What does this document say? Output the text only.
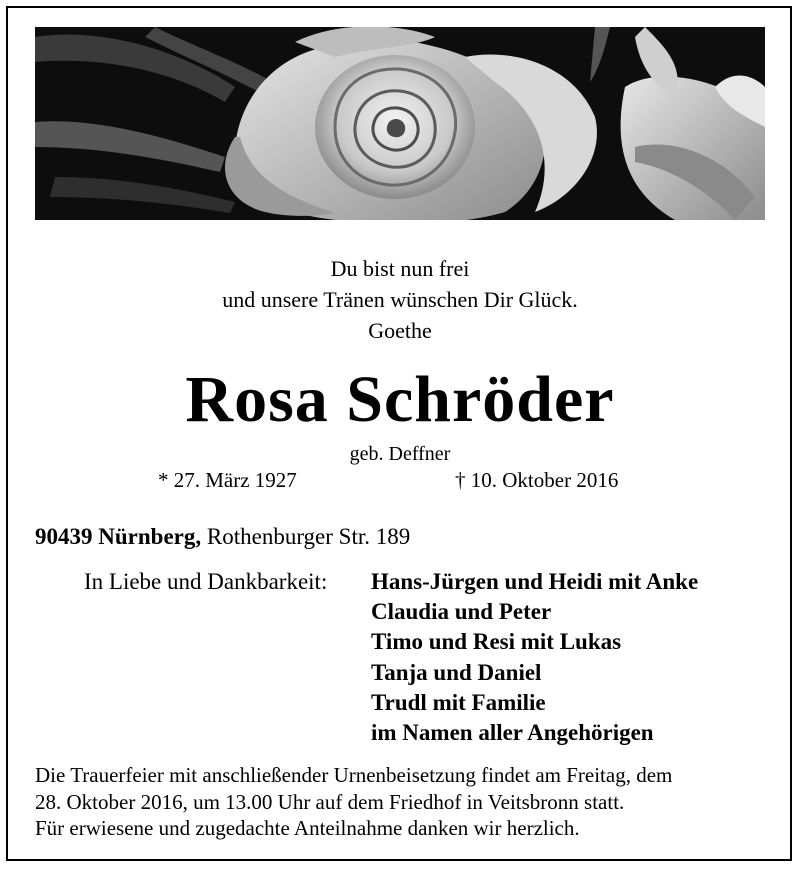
Du bist nun frei
und unsere Tränen wünschen Dir Glück.
Goethe
Rosa Schröder
geb. Deffner
* 27. März 1927	† 10. Oktober 2016
90439 Nürnberg, Rothenburger Str. 189
In Liebe und Dankbarkeit: Hans-Jürgen und Heidi mit Anke
Claudia und Peter
Timo und Resi mit Lukas
Tanja und Daniel
Trudl mit Familie
im Namen aller Angehörigen
Die Trauerfeier mit anschließender Urnenbeisetzung findet am Freitag, dem
28. Oktober 2016, um 13.00 Uhr auf dem Friedhof in Veitsbronn statt.
Für erwiesene und zugedachte Anteilnahme danken wir herzlich.
